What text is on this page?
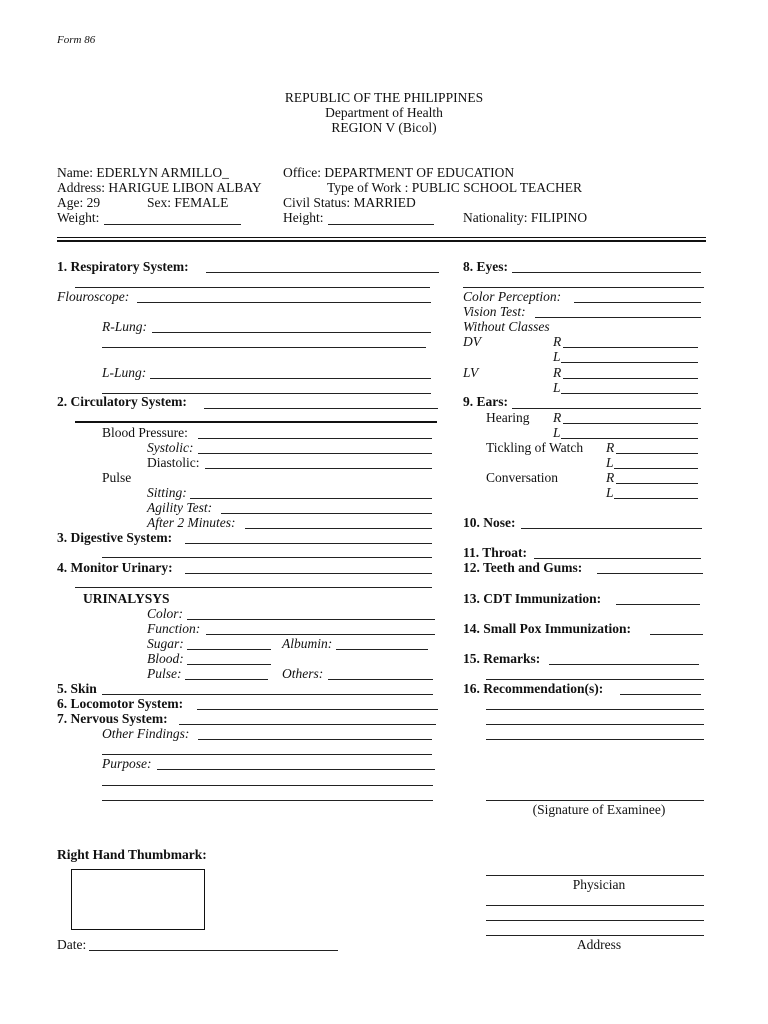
Form 86
REPUBLIC OF THE PHILIPPINES
Department of Health
REGION V (Bicol)
Name: EDERLYN ARMILLO_	Office: DEPARTMENT OF EDUCATION
Address: HARIGUE LIBON ALBAY	Type of Work : PUBLIC SCHOOL TEACHER
Age: 29	Sex: FEMALE	Civil Status: MARRIED
Weight:	Height:	Nationality: FILIPINO
1. Respiratory System:
Flouroscope:
R-Lung:
L-Lung:
2. Circulatory System:
Blood Pressure:
Systolic:
Diastolic:
Pulse
Sitting:
Agility Test:
After 2 Minutes:
3. Digestive System:
4. Monitor Urinary:
URINALYSYS
Color:
Function:
Sugar:	Albumin:
Blood:
Pulse:	Others:
5. Skin
6. Locomotor System:
7. Nervous System:
Other Findings:
Purpose:
Right Hand Thumbmark:
Date:
8. Eyes:
Color Perception:
Vision Test:
Without Classes
DV	R
L
LV	R
L
9. Ears:
Hearing R
L
Tickling of Watch R
L
Conversation	R
L
10. Nose:
11. Throat:
12. Teeth and Gums:
13. CDT Immunization:
14. Small Pox Immunization:
15. Remarks:
16. Recommendation(s):
(Signature of Examinee)
Physician
Address
